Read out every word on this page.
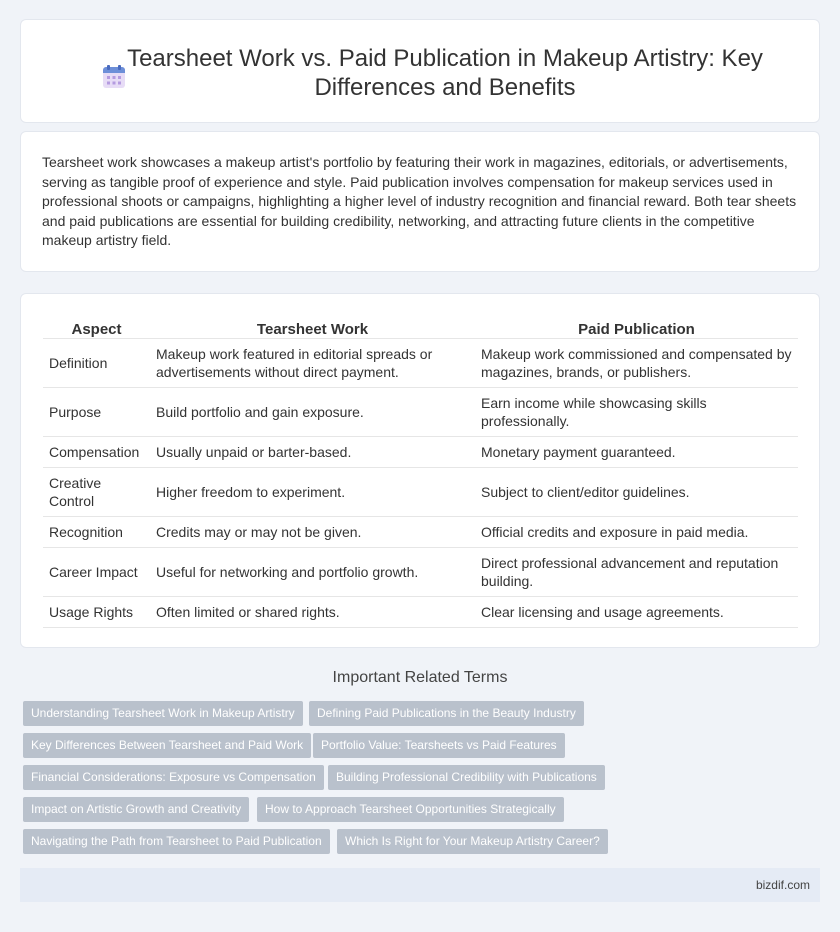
Tearsheet Work vs. Paid Publication in Makeup Artistry: Key Differences and Benefits

Tearsheet work showcases a makeup artist's portfolio by featuring their work in magazines, editorials, or advertisements, serving as tangible proof of experience and style. Paid publication involves compensation for makeup services used in professional shoots or campaigns, highlighting a higher level of industry recognition and financial reward. Both tear sheets and paid publications are essential for building credibility, networking, and attracting future clients in the competitive makeup artistry field.

Aspect	Tearsheet Work	Paid Publication
Definition	Makeup work featured in editorial spreads or advertisements without direct payment.	Makeup work commissioned and compensated by magazines, brands, or publishers.
Purpose	Build portfolio and gain exposure.	Earn income while showcasing skills professionally.
Compensation	Usually unpaid or barter-based.	Monetary payment guaranteed.
Creative Control	Higher freedom to experiment.	Subject to client/editor guidelines.
Recognition	Credits may or may not be given.	Official credits and exposure in paid media.
Career Impact	Useful for networking and portfolio growth.	Direct professional advancement and reputation building.
Usage Rights	Often limited or shared rights.	Clear licensing and usage agreements.
Important Related Terms
Understanding Tearsheet Work in Makeup Artistry	Defining Paid Publications in the Beauty Industry
Key Differences Between Tearsheet and Paid Work	Portfolio Value: Tearsheets vs Paid Features
Financial Considerations: Exposure vs Compensation	Building Professional Credibility with Publications
Impact on Artistic Growth and Creativity	How to Approach Tearsheet Opportunities Strategically
Navigating the Path from Tearsheet to Paid Publication	Which Is Right for Your Makeup Artistry Career?
bizdif.com
